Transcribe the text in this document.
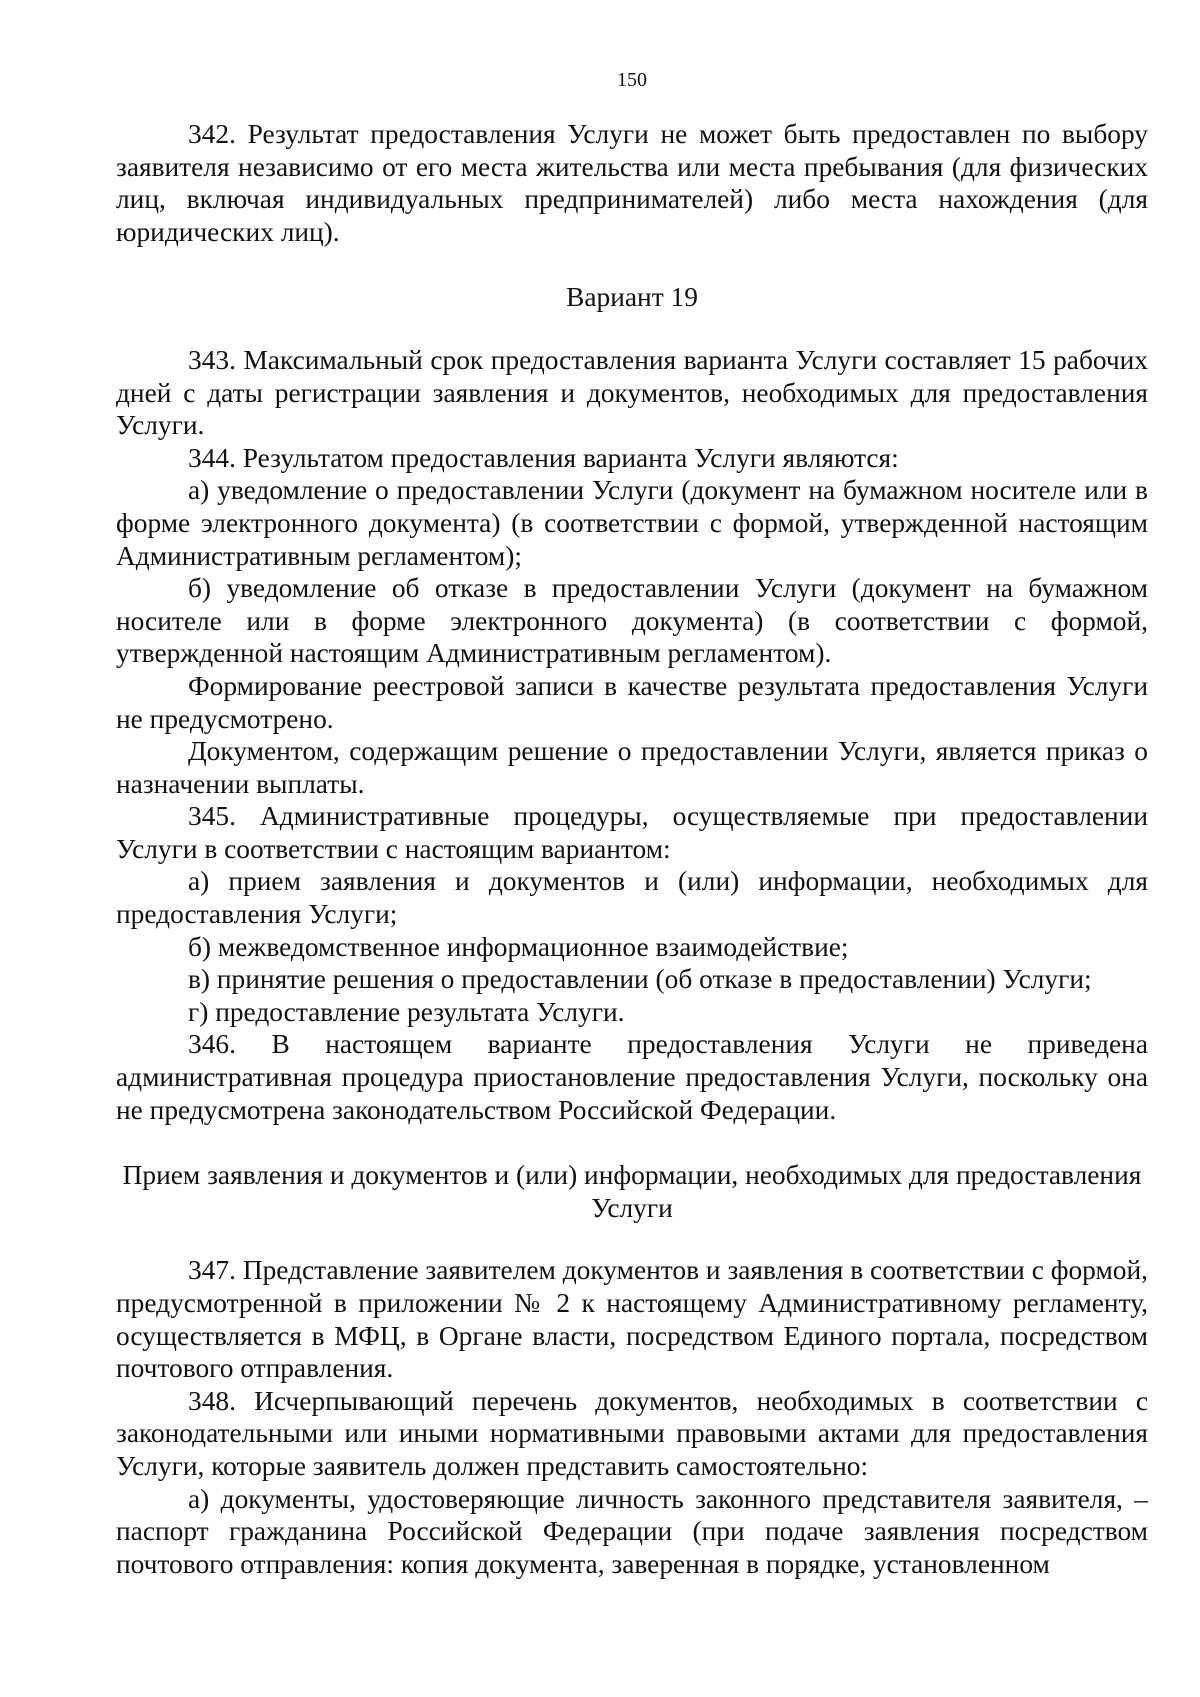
150

342. Результат предоставления Услуги не может быть предоставлен по выбору заявителя независимо от его места жительства или места пребывания (для физических лиц, включая индивидуальных предпринимателей) либо места нахождения (для юридических лиц).

Вариант 19

343. Максимальный срок предоставления варианта Услуги составляет 15 рабочих дней с даты регистрации заявления и документов, необходимых для предоставления Услуги.

344. Результатом предоставления варианта Услуги являются:

а) уведомление о предоставлении Услуги (документ на бумажном носителе или в форме электронного документа) (в соответствии с формой, утвержденной настоящим Административным регламентом);

б) уведомление об отказе в предоставлении Услуги (документ на бумажном носителе или в форме электронного документа) (в соответствии с формой, утвержденной настоящим Административным регламентом).

Формирование реестровой записи в качестве результата предоставления Услуги не предусмотрено.

Документом, содержащим решение о предоставлении Услуги, является приказ о назначении выплаты.

345. Административные процедуры, осуществляемые при предоставлении Услуги в соответствии с настоящим вариантом:

а) прием заявления и документов и (или) информации, необходимых для предоставления Услуги;

б) межведомственное информационное взаимодействие;

в) принятие решения о предоставлении (об отказе в предоставлении) Услуги;

г) предоставление результата Услуги.

346. В настоящем варианте предоставления Услуги не приведена административная процедура приостановление предоставления Услуги, поскольку она не предусмотрена законодательством Российской Федерации.

Прием заявления и документов и (или) информации, необходимых для предоставления Услуги

347. Представление заявителем документов и заявления в соответствии с формой, предусмотренной в приложении № 2 к настоящему Административному регламенту, осуществляется в МФЦ, в Органе власти, посредством Единого портала, посредством почтового отправления.

348. Исчерпывающий перечень документов, необходимых в соответствии с законодательными или иными нормативными правовыми актами для предоставления Услуги, которые заявитель должен представить самостоятельно:

а) документы, удостоверяющие личность законного представителя заявителя, – паспорт гражданина Российской Федерации (при подаче заявления посредством почтового отправления: копия документа, заверенная в порядке, установленном
